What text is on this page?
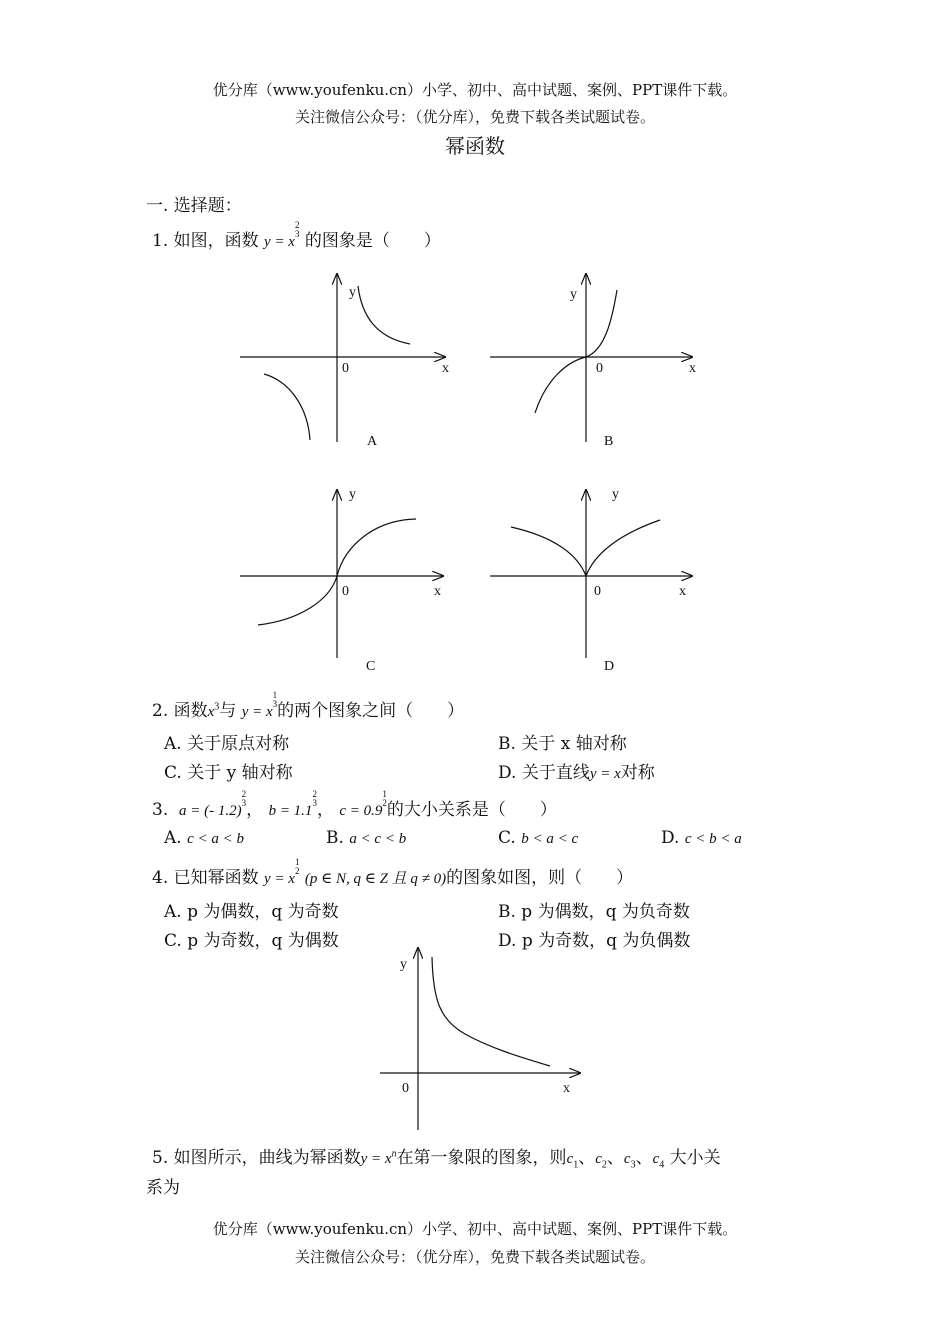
优分库（www.youfenku.cn）小学、初中、高中试题、案例、PPT课件下载。
关注微信公众号：（优分库），免费下载各类试题试卷。
幂函数
一. 选择题：
1. 如图，函数 y = x
2
3 的图象是（　　）
y
0	x
A
y
0	x
B
y
0	x
C
y
0	x
D
2. 函数$x^3$与 y = x
1
3 的两个图象之间（　　）
A. 关于原点对称	B. 关于 x 轴对称
C. 关于 y 轴对称	D. 关于直线y = x对称
3. a = (- 1.2)
2
3 ， b = 1.1
2
3 ， c = 0.9
1
2 的大小关系是（　　）
A. c < a < b	B. a < c < b	C. b < a < c	D. c < b < a
4. 已知幂函数 y = x
1
2 (p ∈ N, q ∈ Z 且 q ≠ 0)的图象如图，则（　　）
A. p 为偶数，q 为奇数	B. p 为偶数，q 为负奇数
C. p 为奇数，q 为偶数	D. p 为奇数，q 为负偶数
y
0	x
5. 如图所示，曲线为幂函数$y = x^n$在第一象限的图象，则$c_1$、$c_2$、$c_3$、$c_4$ 大小关
系为
优分库（www.youfenku.cn）小学、初中、高中试题、案例、PPT课件下载。
关注微信公众号：（优分库），免费下载各类试题试卷。
